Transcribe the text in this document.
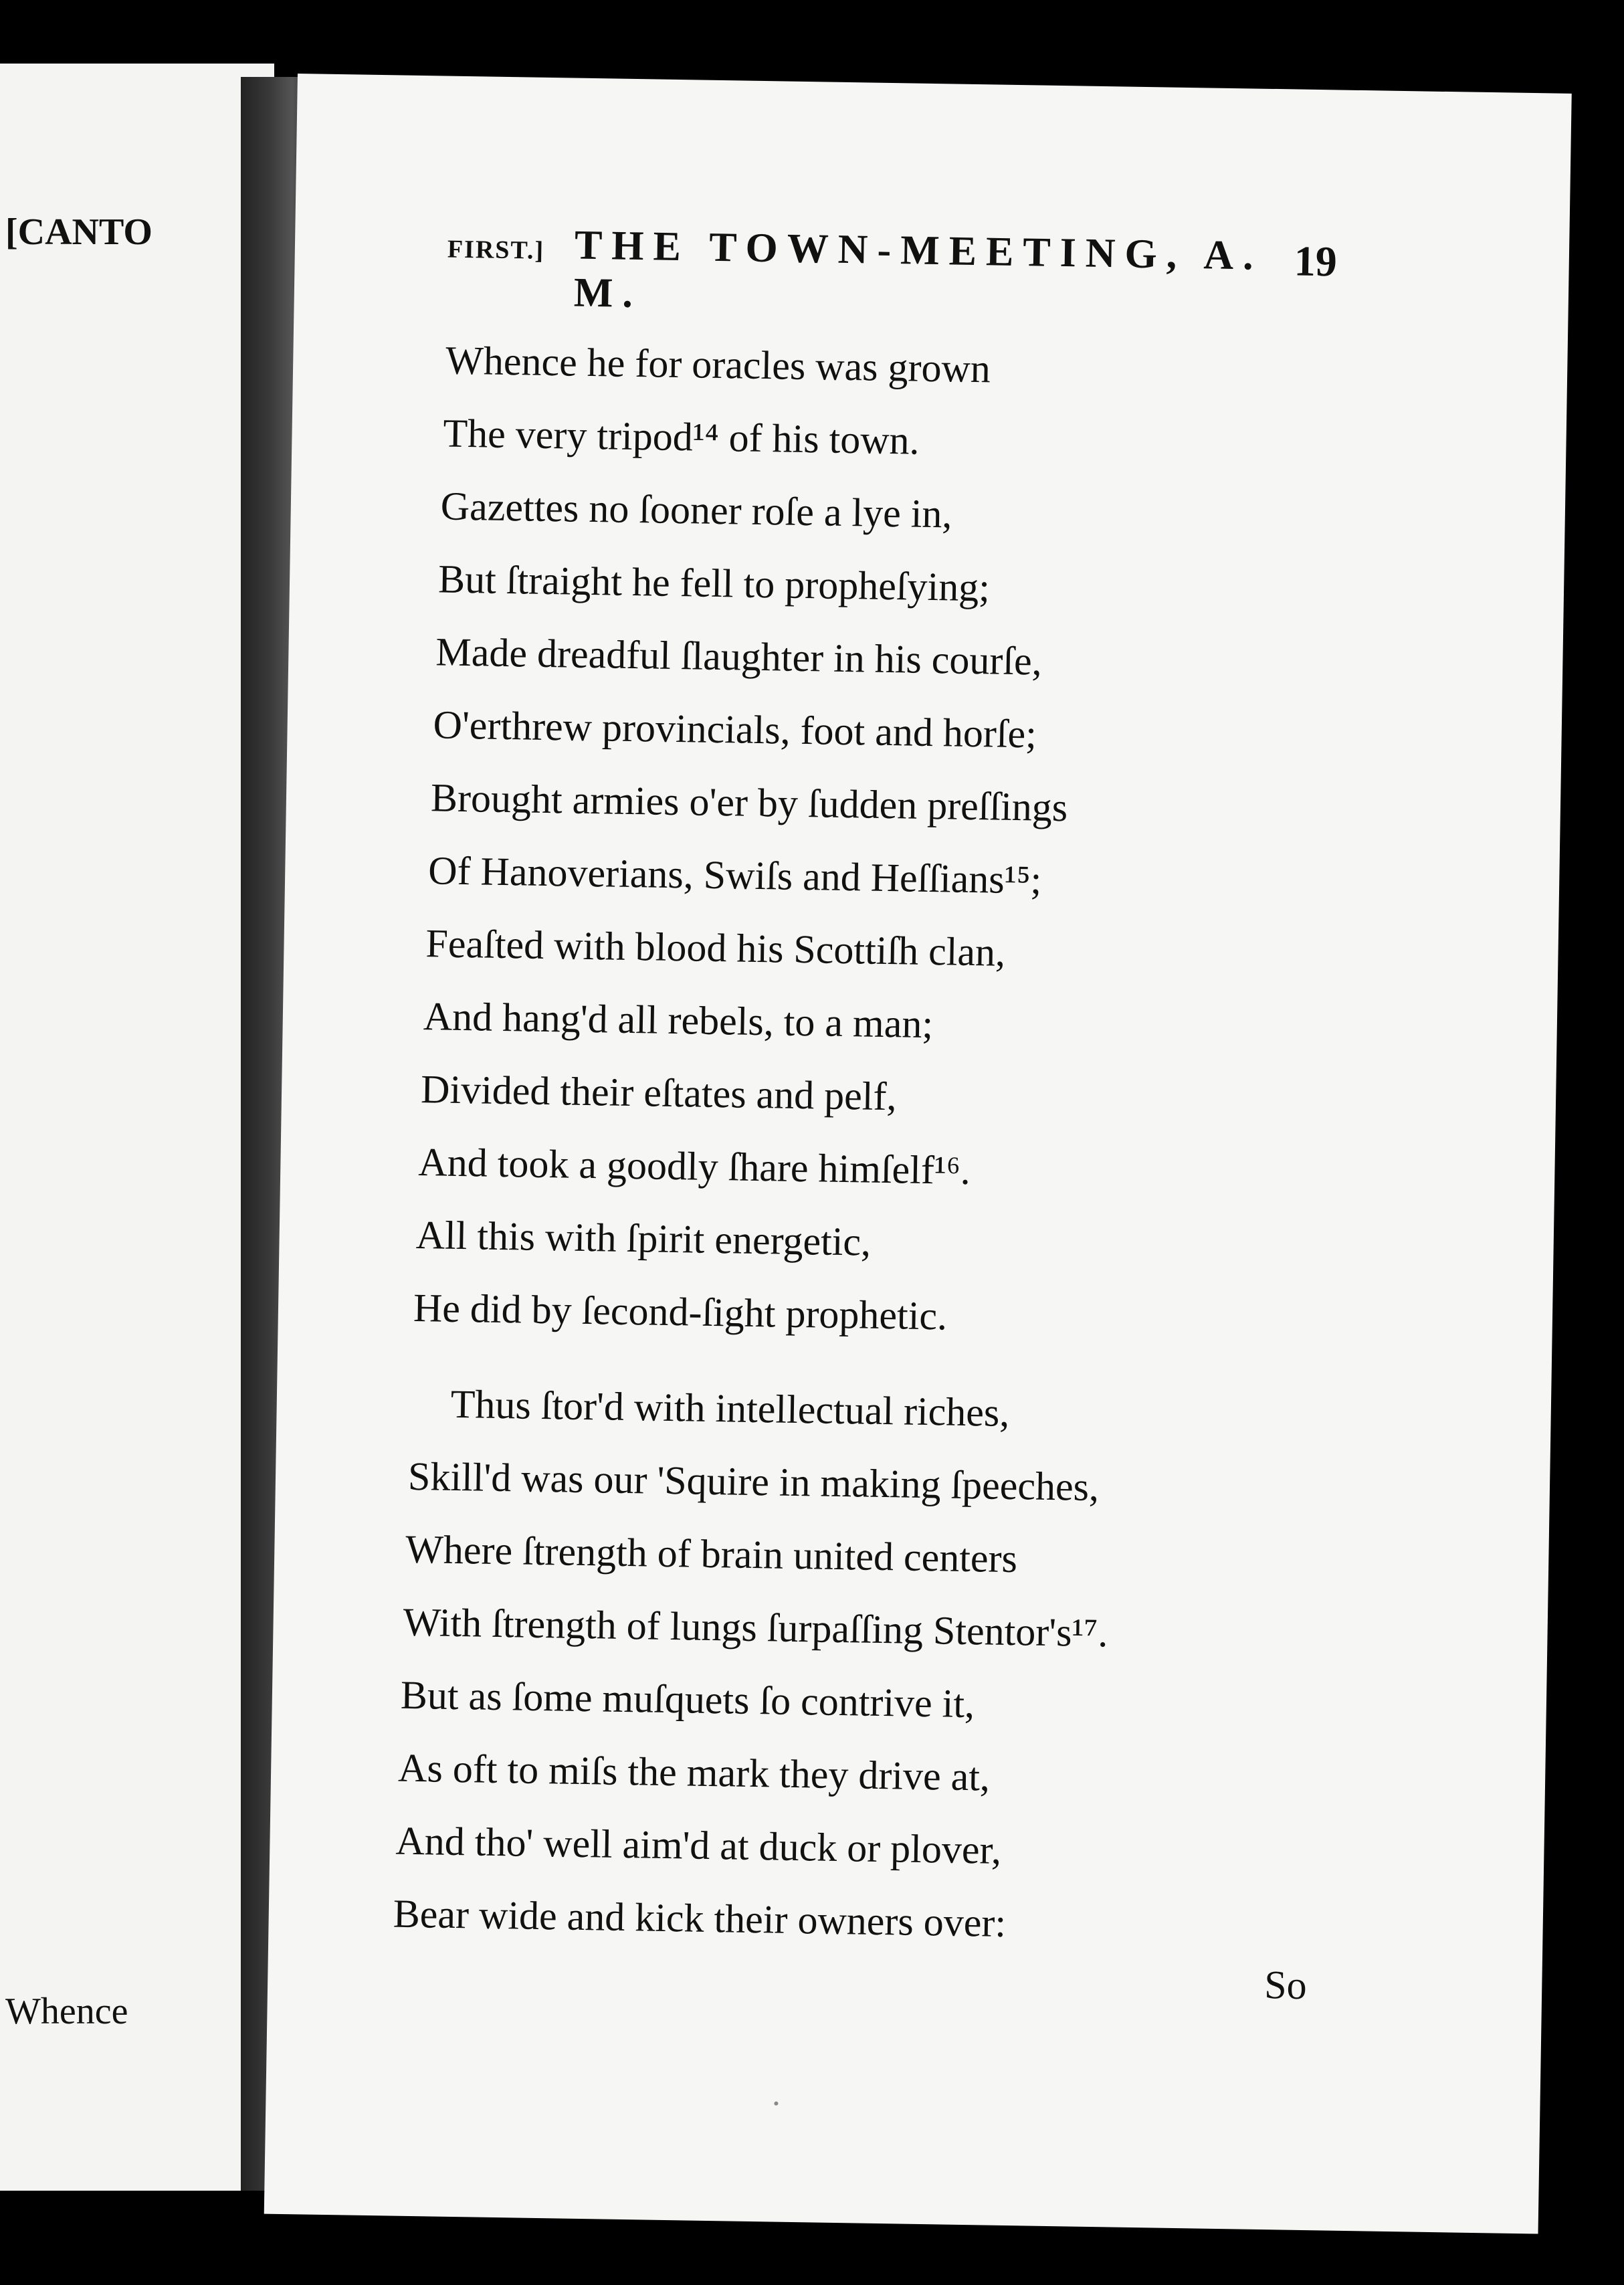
[CANTO
Whence
FIRST.] THE TOWN-MEETING, A. M.
19
Whence he for oracles was grown
The very tripod¹⁴ of his town.
Gazettes no ſooner roſe a lye in,
But ſtraight he fell to propheſying;
Made dreadful ſlaughter in his courſe,
O'erthrew provincials, foot and horſe;
Brought armies o'er by ſudden preſſings
Of Hanoverians, Swiſs and Heſſians¹⁵;
Feaſted with blood his Scottiſh clan,
And hang'd all rebels, to a man;
Divided their eſtates and pelf,
And took a goodly ſhare himſelf¹⁶.
All this with ſpirit energetic,
He did by ſecond-ſight prophetic.
Thus ſtor'd with intellectual riches,
Skill'd was our 'Squire in making ſpeeches,
Where ſtrength of brain united centers
With ſtrength of lungs ſurpaſſing Stentor's¹⁷.
But as ſome muſquets ſo contrive it,
As oft to miſs the mark they drive at,
And tho' well aim'd at duck or plover,
Bear wide and kick their owners over:
So
